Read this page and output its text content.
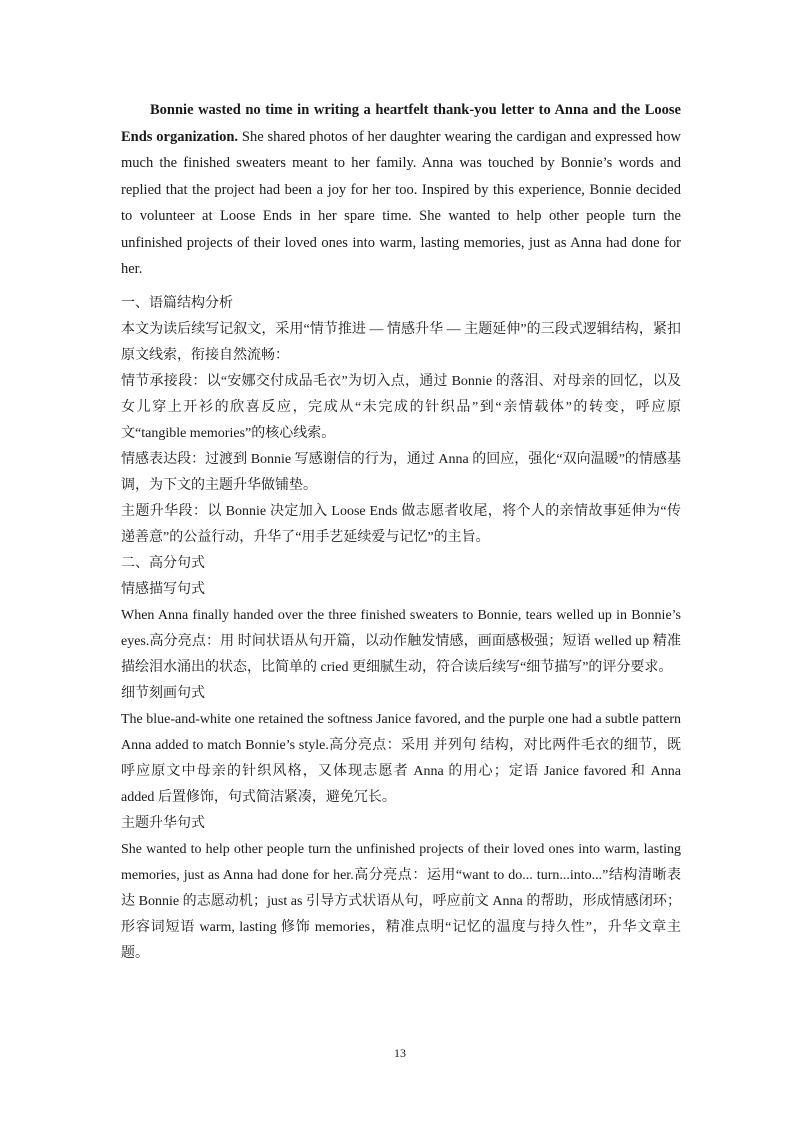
Bonnie wasted no time in writing a heartfelt thank-you letter to Anna and the Loose Ends organization. She shared photos of her daughter wearing the cardigan and expressed how much the finished sweaters meant to her family. Anna was touched by Bonnie’s words and replied that the project had been a joy for her too. Inspired by this experience, Bonnie decided to volunteer at Loose Ends in her spare time. She wanted to help other people turn the unfinished projects of their loved ones into warm, lasting memories, just as Anna had done for her.

一、语篇结构分析

本文为读后续写记叙文，采用“情节推进 — 情感升华 — 主题延伸”的三段式逻辑结构，紧扣原文线索，衔接自然流畅：

情节承接段：以“安娜交付成品毛衣”为切入点，通过 Bonnie 的落泪、对母亲的回忆，以及女儿穿上开衫的欣喜反应，完成从“未完成的针织品”到“亲情载体”的转变，呼应原文“tangible memories”的核心线索。

情感表达段：过渡到 Bonnie 写感谢信的行为，通过 Anna 的回应，强化“双向温暖”的情感基调，为下文的主题升华做铺垫。

主题升华段：以 Bonnie 决定加入 Loose Ends 做志愿者收尾，将个人的亲情故事延伸为“传递善意”的公益行动，升华了“用手艺延续爱与记忆”的主旨。

二、高分句式

情感描写句式

When Anna finally handed over the three finished sweaters to Bonnie, tears welled up in Bonnie’s eyes.高分亮点：用 时间状语从句开篇，以动作触发情感，画面感极强；短语 welled up 精准描绘泪水涌出的状态，比简单的 cried 更细腻生动，符合读后续写“细节描写”的评分要求。

细节刻画句式

The blue-and-white one retained the softness Janice favored, and the purple one had a subtle pattern Anna added to match Bonnie’s style.高分亮点：采用 并列句 结构，对比两件毛衣的细节，既呼应原文中母亲的针织风格，又体现志愿者 Anna 的用心；定语 Janice favored 和 Anna added 后置修饰，句式简洁紧凑，避免冗长。

主题升华句式

She wanted to help other people turn the unfinished projects of their loved ones into warm, lasting memories, just as Anna had done for her.高分亮点：运用“want to do... turn...into...”结构清晰表达 Bonnie 的志愿动机；just as 引导方式状语从句，呼应前文 Anna 的帮助，形成情感闭环；形容词短语 warm, lasting 修饰 memories，精准点明“记忆的温度与持久性”，升华文章主题。

13
